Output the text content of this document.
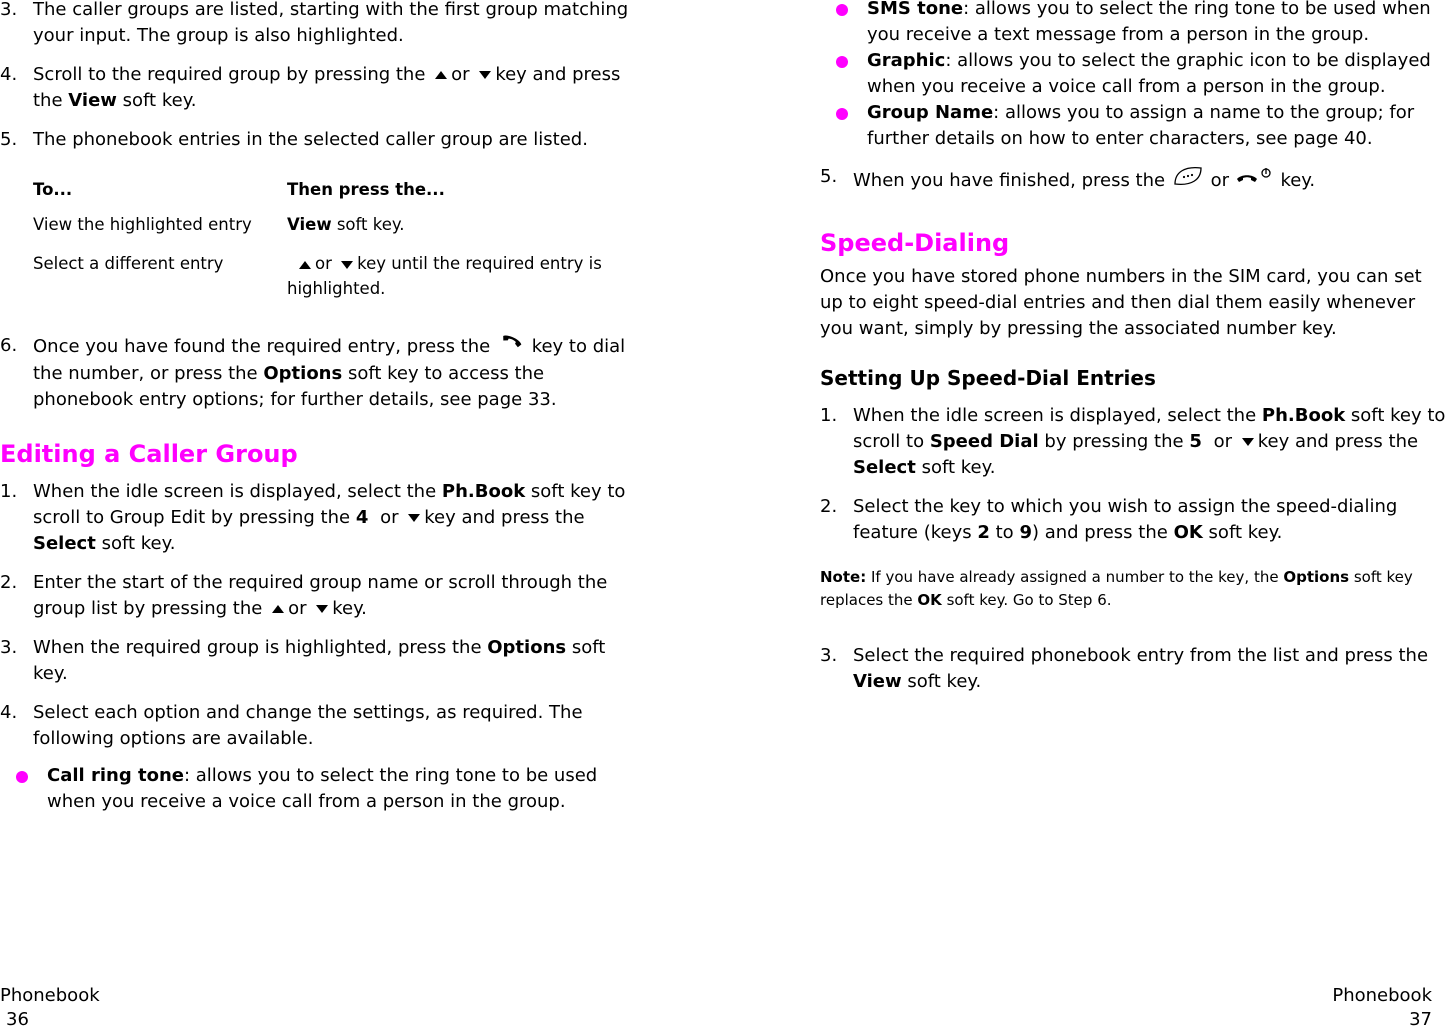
3. The caller groups are listed, starting with the first group matching your input. The group is also highlighted.
4. Scroll to the required group by pressing the or key and press the View soft key.
5. The phonebook entries in the selected caller group are listed.
To...	Then press the...
View the highlighted entry	View soft key.
Select a different entry	or key until the required entry is highlighted.
6. Once you have found the required entry, press the key to dial the number, or press the Options soft key to access the phonebook entry options; for further details, see page 33.
Editing a Caller Group
1. When the idle screen is displayed, select the Ph.Book soft key to scroll to Group Edit by pressing the 4 or key and press the Select soft key.
2. Enter the start of the required group name or scroll through the group list by pressing the or key.
3. When the required group is highlighted, press the Options soft key.
4. Select each option and change the settings, as required. The following options are available.
Call ring tone: allows you to select the ring tone to be used when you receive a voice call from a person in the group.
Phonebook
36
SMS tone: allows you to select the ring tone to be used when you receive a text message from a person in the group.
Graphic: allows you to select the graphic icon to be displayed when you receive a voice call from a person in the group.
Group Name: allows you to assign a name to the group; for further details on how to enter characters, see page 40.
5. When you have finished, press the	or	key.
Speed-Dialing

Once you have stored phone numbers in the SIM card, you can set up to eight speed-dial entries and then dial them easily whenever you want, simply by pressing the associated number key.

Setting Up Speed-Dial Entries
1. When the idle screen is displayed, select the Ph.Book soft key to scroll to Speed Dial by pressing the 5 or key and press the Select soft key.
2. Select the key to which you wish to assign the speed-dialing feature (keys 2 to 9) and press the OK soft key.

Note: If you have already assigned a number to the key, the Options soft key replaces the OK soft key. Go to Step 6.

3. Select the required phonebook entry from the list and press the View soft key.
Phonebook
37
